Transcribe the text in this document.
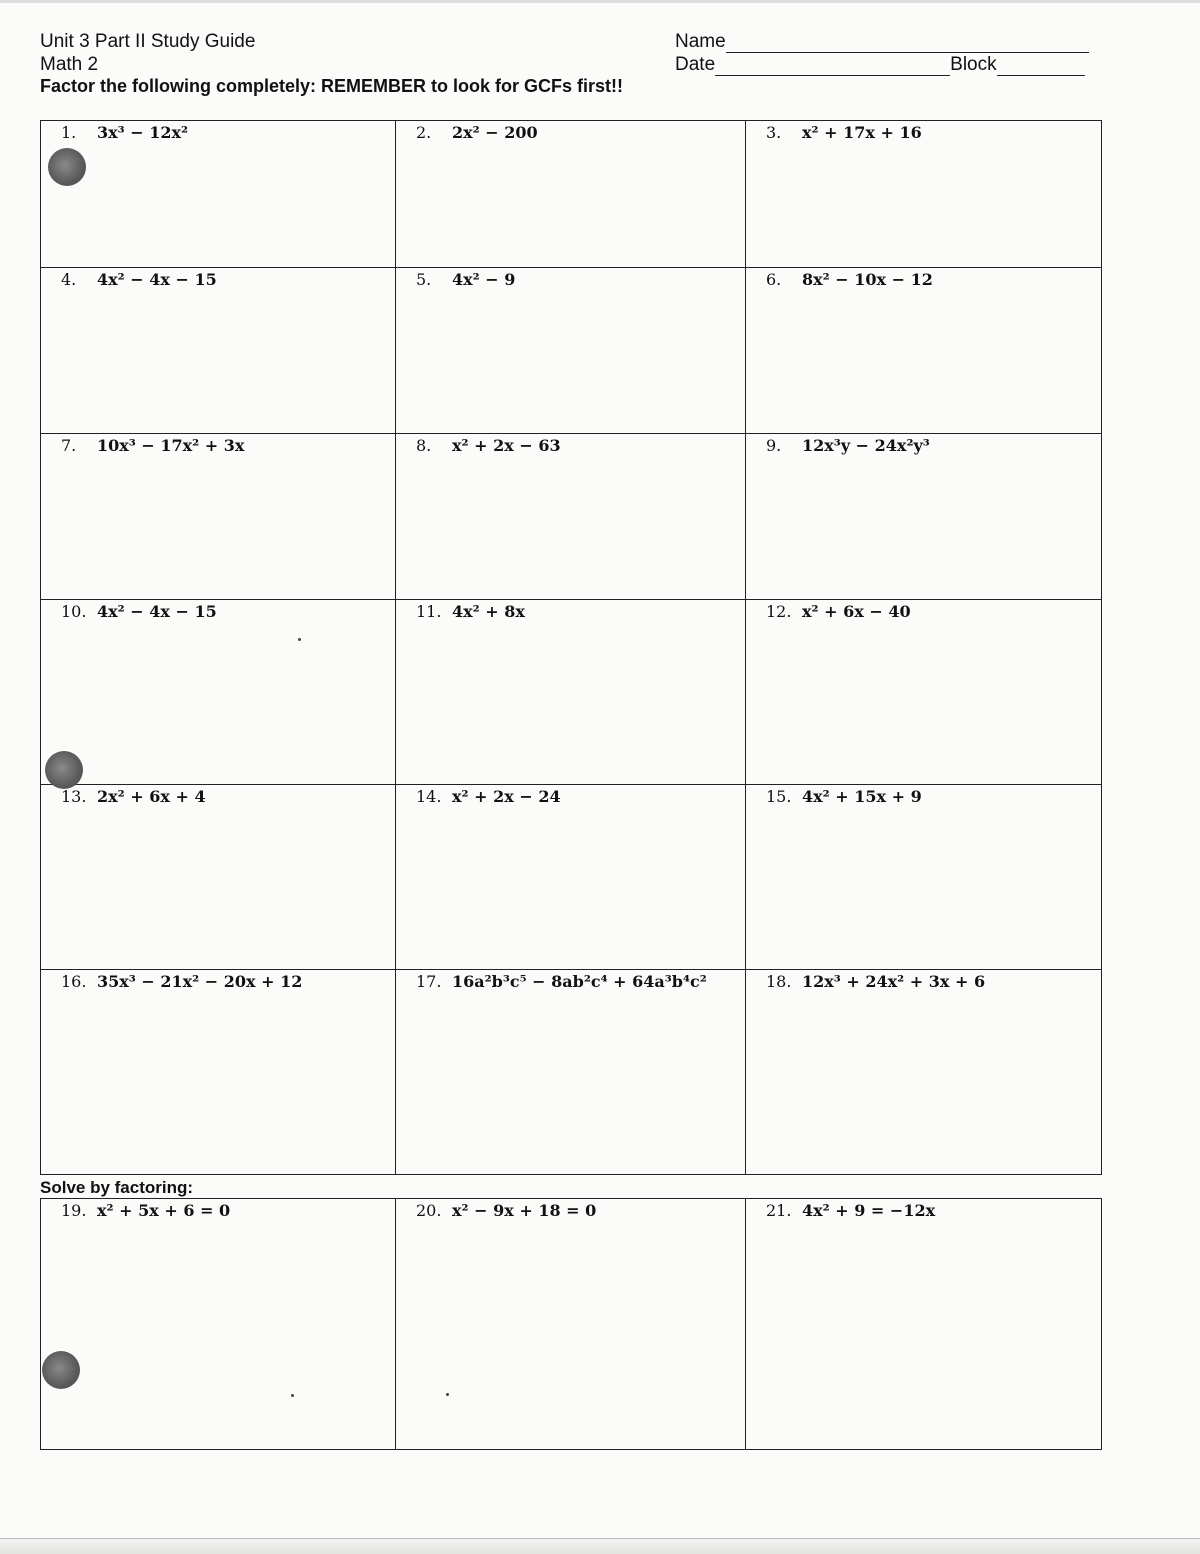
Unit 3 Part II Study Guide
Math 2
Factor the following completely: REMEMBER to look for GCFs first!!
Name
Date	Block
1. 3x³ − 12x²	2. 2x² − 200	3. x² + 17x + 16

4. 4x² − 4x − 15	5. 4x² − 9	6. 8x² − 10x − 12

7. 10x³ − 17x² + 3x	8. x² + 2x − 63	9. 12x³y − 24x²y³

10. 4x² − 4x − 15	11. 4x² + 8x	12. x² + 6x − 40

13. 2x² + 6x + 4	14. x² + 2x − 24	15. 4x² + 15x + 9

16. 35x³ − 21x² − 20x + 12	17. 16a²b³c⁵ − 8ab²c⁴ + 64a³b⁴c²	18. 12x³ + 24x² + 3x + 6
Solve by factoring:
19. x² + 5x + 6 = 0	20. x² − 9x + 18 = 0	21. 4x² + 9 = −12x
